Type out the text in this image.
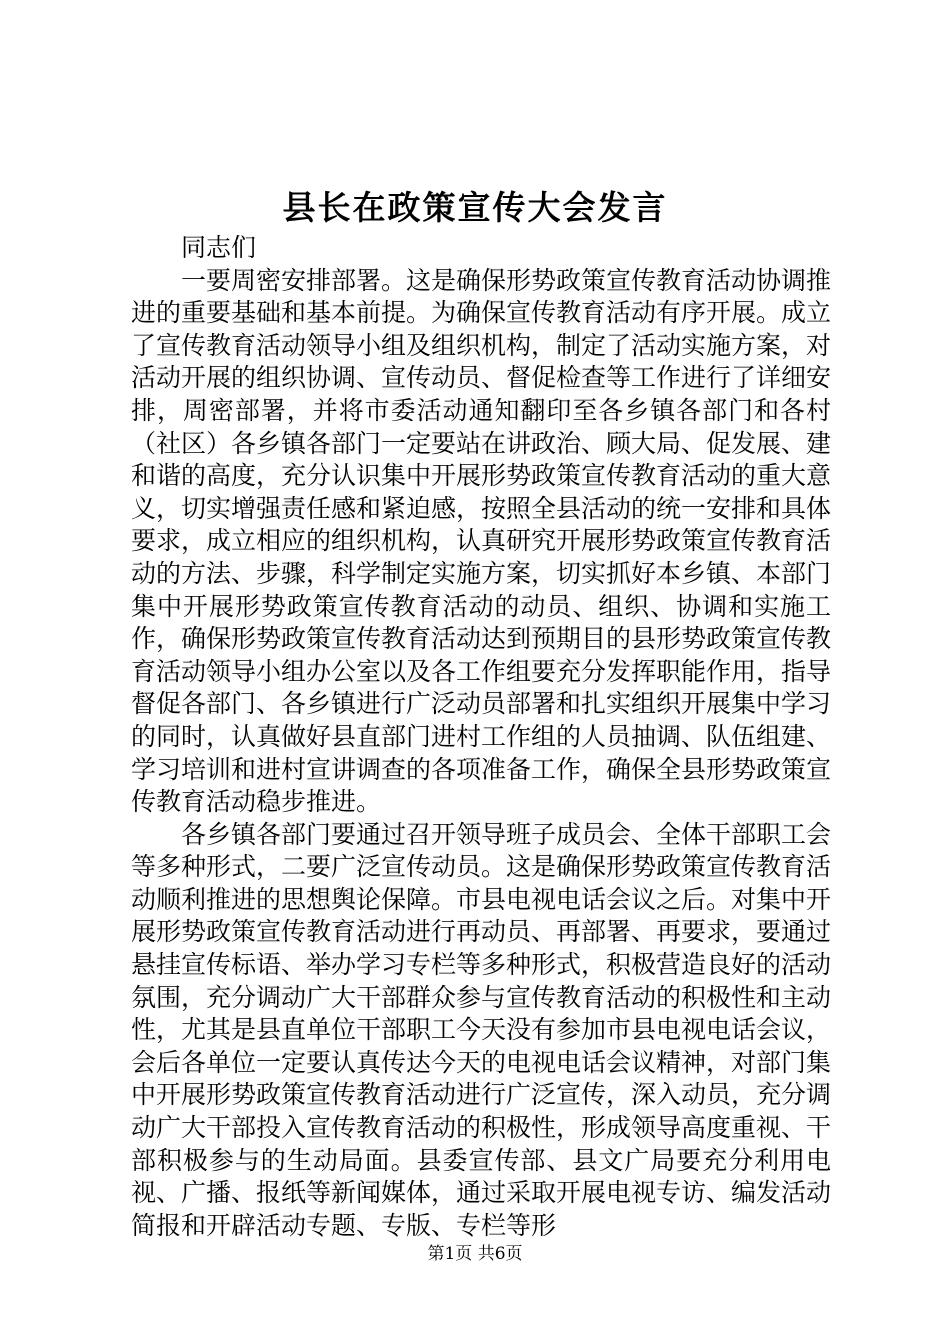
县长在政策宣传大会发言

同志们

一要周密安排部署。这是确保形势政策宣传教育活动协调推进的重要基础和基本前提。为确保宣传教育活动有序开展。成立了宣传教育活动领导小组及组织机构，制定了活动实施方案，对活动开展的组织协调、宣传动员、督促检查等工作进行了详细安排，周密部署，并将市委活动通知翻印至各乡镇各部门和各村（社区）各乡镇各部门一定要站在讲政治、顾大局、促发展、建和谐的高度，充分认识集中开展形势政策宣传教育活动的重大意义，切实增强责任感和紧迫感，按照全县活动的统一安排和具体要求，成立相应的组织机构，认真研究开展形势政策宣传教育活动的方法、步骤，科学制定实施方案，切实抓好本乡镇、本部门集中开展形势政策宣传教育活动的动员、组织、协调和实施工作，确保形势政策宣传教育活动达到预期目的县形势政策宣传教育活动领导小组办公室以及各工作组要充分发挥职能作用，指导督促各部门、各乡镇进行广泛动员部署和扎实组织开展集中学习的同时，认真做好县直部门进村工作组的人员抽调、队伍组建、学习培训和进村宣讲调查的各项准备工作，确保全县形势政策宣传教育活动稳步推进。

各乡镇各部门要通过召开领导班子成员会、全体干部职工会等多种形式，二要广泛宣传动员。这是确保形势政策宣传教育活动顺利推进的思想舆论保障。市县电视电话会议之后。对集中开展形势政策宣传教育活动进行再动员、再部署、再要求，要通过悬挂宣传标语、举办学习专栏等多种形式，积极营造良好的活动氛围，充分调动广大干部群众参与宣传教育活动的积极性和主动性，尤其是县直单位干部职工今天没有参加市县电视电话会议，会后各单位一定要认真传达今天的电视电话会议精神，对部门集中开展形势政策宣传教育活动进行广泛宣传，深入动员，充分调动广大干部投入宣传教育活动的积极性，形成领导高度重视、干部积极参与的生动局面。县委宣传部、县文广局要充分利用电视、广播、报纸等新闻媒体，通过采取开展电视专访、编发活动简报和开辟活动专题、专版、专栏等形

第1页 共6页
